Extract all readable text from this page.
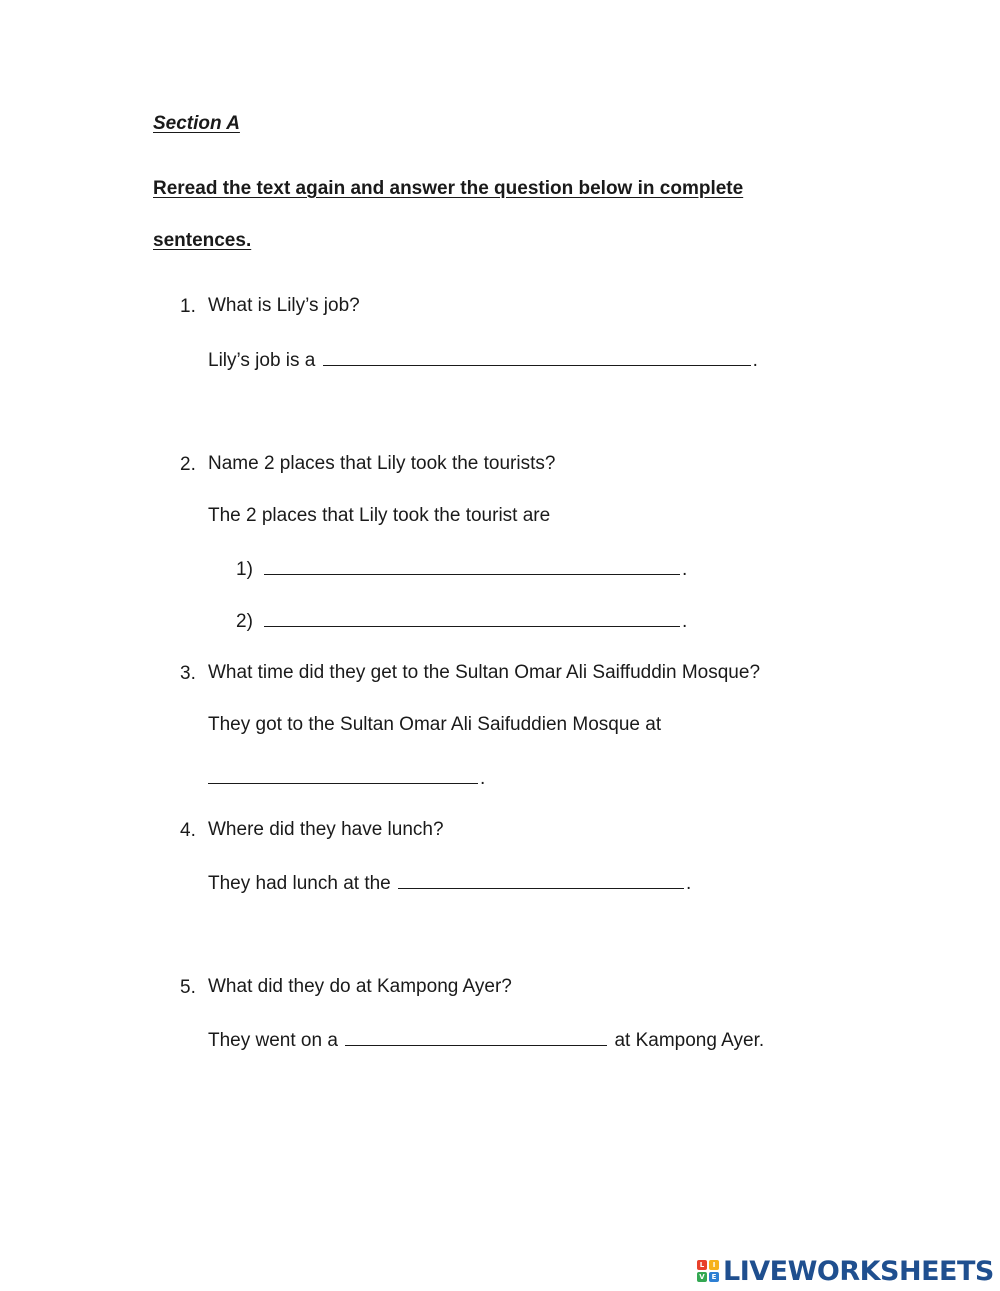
Section A
Reread the text again and answer the question below in complete
sentences.
1. What is Lily’s job?
Lily’s job is a	.
2. Name 2 places that Lily took the tourists?
The 2 places that Lily took the tourist are
1)	.
2)	.
3. What time did they get to the Sultan Omar Ali Saiffuddin Mosque?
They got to the Sultan Omar Ali Saifuddien Mosque at
.
4. Where did they have lunch?
They had lunch at the	.
5. What did they do at Kampong Ayer?
They went on a	at Kampong Ayer.
L	I
V E LIVEWORKSHEETS
